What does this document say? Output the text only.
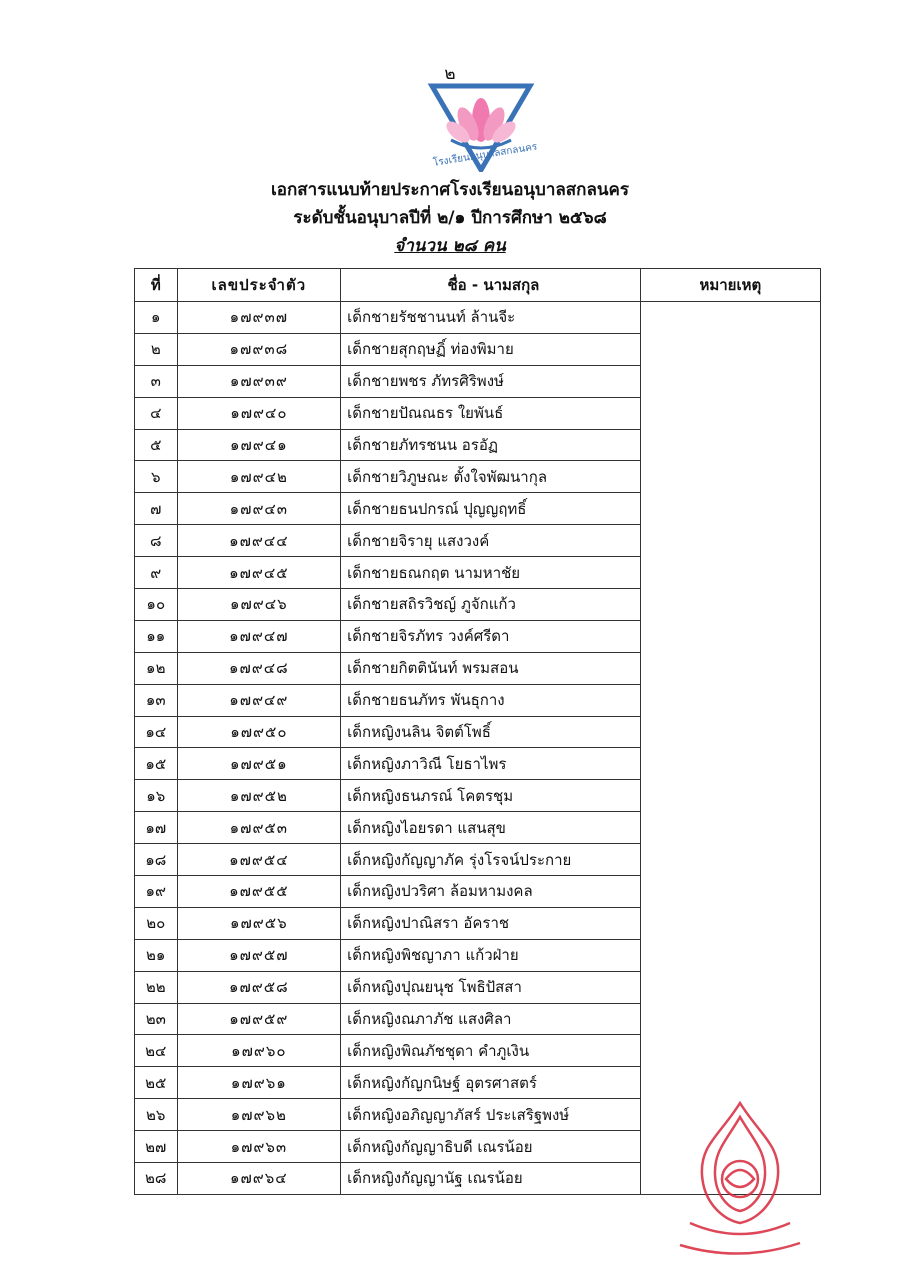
๒
โรงเรียนอนุบาลสกลนคร
เอกสารแนบท้ายประกาศโรงเรียนอนุบาลสกลนคร
ระดับชั้นอนุบาลปีที่ ๒/๑ ปีการศึกษา ๒๕๖๘
จำนวน ๒๘ คน
ที่	เลขประจำตัว	ชื่อ - นามสกุล	หมายเหตุ
๑	๑๗๙๓๗	เด็กชายรัชชานนท์ ล้านจีะ	
๒	๑๗๙๓๘	เด็กชายสุกฤษฏิ์ ท่องพิมาย	
๓	๑๗๙๓๙	เด็กชายพชร ภัทรศิริพงษ์	
๔	๑๗๙๔๐	เด็กชายปัณณธร ใยพันธ์	
๕	๑๗๙๔๑	เด็กชายภัทรชนน อรอัฏ	
๖	๑๗๙๔๒	เด็กชายวิภูษณะ ตั้งใจพัฒนากุล	
๗	๑๗๙๔๓	เด็กชายธนปกรณ์ ปุญญฤทธิ์	
๘	๑๗๙๔๔	เด็กชายจิรายุ แสงวงค์	
๙	๑๗๙๔๕	เด็กชายธณกฤต นามหาชัย	
๑๐	๑๗๙๔๖	เด็กชายสถิรวิชญ์ ภูจักแก้ว	
๑๑	๑๗๙๔๗	เด็กชายจิรภัทร วงค์ศรีดา	
๑๒	๑๗๙๔๘	เด็กชายกิตตินันท์ พรมสอน	
๑๓	๑๗๙๔๙	เด็กชายธนภัทร พันธุกาง	
๑๔	๑๗๙๕๐	เด็กหญิงนลิน จิตต์โพธิ์	
๑๕	๑๗๙๕๑	เด็กหญิงภาวิณี โยธาไพร	
๑๖	๑๗๙๕๒	เด็กหญิงธนภรณ์ โคตรชุม	
๑๗	๑๗๙๕๓	เด็กหญิงไอยรดา แสนสุข	
๑๘	๑๗๙๕๔	เด็กหญิงกัญญาภัค รุ่งโรจน์ประกาย	
๑๙	๑๗๙๕๕	เด็กหญิงปวริศา ล้อมหามงคล	
๒๐	๑๗๙๕๖	เด็กหญิงปาณิสรา อัคราช	
๒๑	๑๗๙๕๗	เด็กหญิงพิชญาภา แก้วฝ่าย	
๒๒	๑๗๙๕๘	เด็กหญิงปุณยนุช โพธิปัสสา	
๒๓	๑๗๙๕๙	เด็กหญิงณภาภัช แสงศิลา	
๒๔	๑๗๙๖๐	เด็กหญิงพิณภัชชุดา คำภูเงิน	
๒๕	๑๗๙๖๑	เด็กหญิงกัญกนิษฐ์ อุตรศาสตร์	
๒๖	๑๗๙๖๒	เด็กหญิงอภิญญาภัสร์ ประเสริฐพงษ์	
๒๗	๑๗๙๖๓	เด็กหญิงกัญญาธิบดี เณรน้อย	
๒๘	๑๗๙๖๔	เด็กหญิงกัญญานัฐ เณรน้อย	
